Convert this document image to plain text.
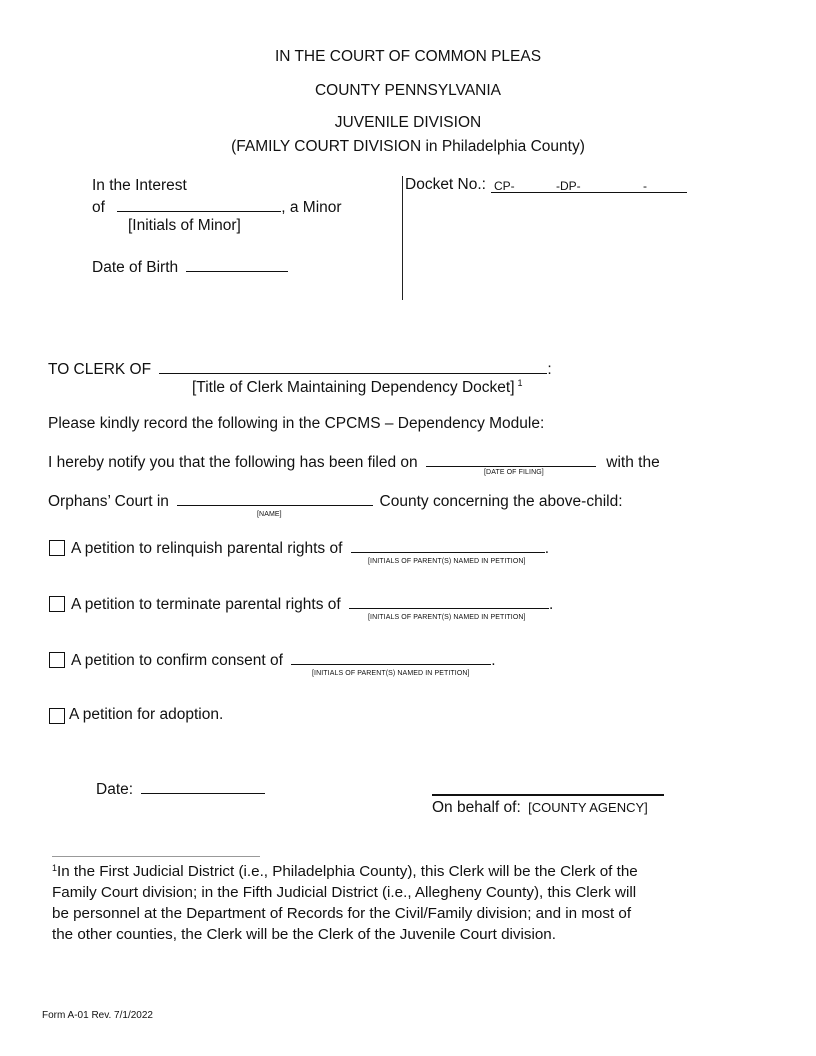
IN THE COURT OF COMMON PLEAS
COUNTY PENNSYLVANIA
JUVENILE DIVISION
(FAMILY COURT DIVISION in Philadelphia County)
In the Interest
of	, a Minor
[Initials of Minor]
Date of Birth
Docket No.: CP-	-DP-	-
TO CLERK OF	:
[Title of Clerk Maintaining Dependency Docket] $^1$
Please kindly record the following in the CPCMS – Dependency Module:
I hereby notify you that the following has been filed on	with the
[DATE OF FILING]
Orphans’ Court in	County concerning the above-child:
[NAME]
A petition to relinquish parental rights of	.
[INITIALS OF PARENT(S) NAMED IN PETITION]
A petition to terminate parental rights of	.
[INITIALS OF PARENT(S) NAMED IN PETITION]
A petition to confirm consent of	.
[INITIALS OF PARENT(S) NAMED IN PETITION]
A petition for adoption.
Date:
On behalf of: [COUNTY AGENCY]
$^1$In the First Judicial District (i.e., Philadelphia County), this Clerk will be the Clerk of the
Family Court division; in the Fifth Judicial District (i.e., Allegheny County), this Clerk will
be personnel at the Department of Records for the Civil/Family division; and in most of
the other counties, the Clerk will be the Clerk of the Juvenile Court division.
Form A-01 Rev. 7/1/2022
